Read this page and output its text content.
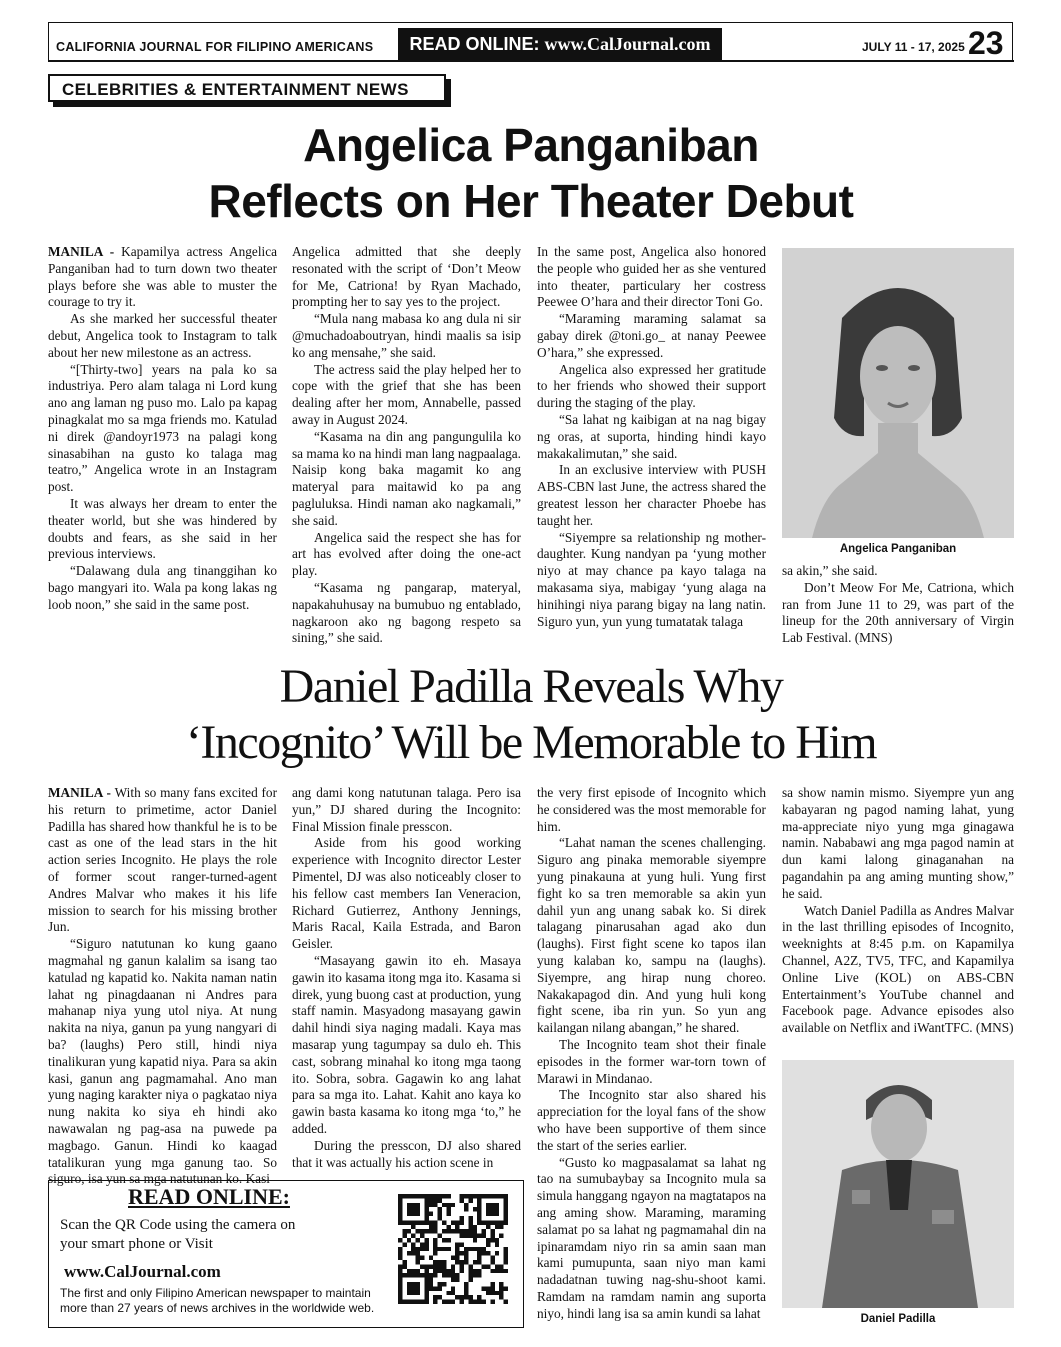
CALIFORNIA JOURNAL FOR FILIPINO AMERICANS	READ ONLINE: www.CalJournal.com	JULY 11 - 17, 2025 23
CELEBRITIES & ENTERTAINMENT NEWS
Angelica Panganiban
Reflects on Her Theater Debut

MANILA - Kapamilya actress Angelica Panganiban had to turn down two theater plays before she was able to muster the courage to try it.

As she marked her successful theater debut, Angelica took to Instagram to talk about her new milestone as an actress.

“[Thirty-two] years na pala ko sa industriya. Pero alam talaga ni Lord kung ano ang laman ng puso mo. Lalo pa kapag pinagkalat mo sa mga friends mo. Katulad ni direk @andoyr1973 na palagi kong sinasabihan na gusto ko talaga mag teatro,” Angelica wrote in an Instagram post.

It was always her dream to enter the theater world, but she was hindered by doubts and fears, as she said in her previous interviews.

“Dalawang dula ang tinanggihan ko bago mangyari ito. Wala pa kong lakas ng loob noon,” she said in the same post.

Angelica admitted that she deeply resonated with the script of ‘Don’t Meow for Me, Catriona! by Ryan Machado, prompting her to say yes to the project.

“Mula nang mabasa ko ang dula ni sir @muchadoaboutryan, hindi maalis sa isip ko ang mensahe,” she said.

The actress said the play helped her to cope with the grief that she has been dealing after her mom, Annabelle, passed away in August 2024.

“Kasama na din ang pangungulila ko sa mama ko na hindi man lang nagpaalaga. Naisip kong baka magamit ko ang materyal para maitawid ko pa ang pagluluksa. Hindi naman ako nagkamali,” she said.

Angelica said the respect she has for art has evolved after doing the one-act play.

“Kasama ng pangarap, materyal, napakahuhusay na bumubuo ng entablado, nagkaroon ako ng bagong respeto sa sining,” she said.

In the same post, Angelica also honored the people who guided her as she ventured into theater, particulary her costress Peewee O’hara and their director Toni Go.

“Maraming maraming salamat sa gabay direk @toni.go_ at nanay Peewee O’hara,” she expressed.

Angelica also expressed her gratitude to her friends who showed their support during the staging of the play.

“Sa lahat ng kaibigan at na nag bigay ng oras, at suporta, hinding hindi kayo makakalimutan,” she said.

In an exclusive interview with PUSH ABS-CBN last June, the actress shared the greatest lesson her character Phoebe has taught her.

“Siyempre sa relationship ng mother-daughter. Kung nandyan pa ‘yung mother niyo at may chance pa kayo talaga na makasama siya, mabigay ‘yung alaga na hinihingi niya parang bigay na lang natin. Siguro yun, yun yung tumatatak talaga

Angelica Panganiban

sa akin,” she said.

Don’t Meow For Me, Catriona, which ran from June 11 to 29, was part of the lineup for the 20th anniversary of Virgin Lab Festival. (MNS)

Daniel Padilla Reveals Why
‘Incognito’ Will be Memorable to Him

MANILA - With so many fans excited for his return to primetime, actor Daniel Padilla has shared how thankful he is to be cast as one of the lead stars in the hit action series Incognito. He plays the role of former scout ranger-turned-agent Andres Malvar who makes it his life mission to search for his missing brother Jun.

“Siguro natutunan ko kung gaano magmahal ng ganun kalalim sa isang tao katulad ng kapatid ko. Nakita naman natin lahat ng pinagdaanan ni Andres para mahanap niya yung utol niya. At nung nakita na niya, ganun pa yung nangyari di ba? (laughs) Pero still, hindi niya tinalikuran yung kapatid niya. Para sa akin kasi, ganun ang pagmamahal. Ano man yung naging karakter niya o pagkatao niya nung nakita ko siya eh hindi ako nawawalan ng pag-asa na puwede pa magbago. Ganun. Hindi ko kaagad tatalikuran yung mga ganung tao. So siguro, isa yun sa mga natutunan ko. Kasi

ang dami kong natutunan talaga. Pero isa yun,” DJ shared during the Incognito: Final Mission finale presscon.

Aside from his good working experience with Incognito director Lester Pimentel, DJ was also noticeably closer to his fellow cast members Ian Veneracion, Richard Gutierrez, Anthony Jennings, Maris Racal, Kaila Estrada, and Baron Geisler.

“Masayang gawin ito eh. Masaya gawin ito kasama itong mga ito. Kasama si direk, yung buong cast at production, yung staff namin. Masyadong masayang gawin dahil hindi siya naging madali. Kaya mas masarap yung tagumpay sa dulo eh. This cast, sobrang minahal ko itong mga taong ito. Sobra, sobra. Gagawin ko ang lahat para sa mga ito. Lahat. Kahit ano kaya ko gawin basta kasama ko itong mga ‘to,” he added.

During the presscon, DJ also shared that it was actually his action scene in

the very first episode of Incognito which he considered was the most memorable for him.

“Lahat naman the scenes challenging. Siguro ang pinaka memorable siyempre yung pinakauna at yung huli. Yung first fight ko sa tren memorable sa akin yun dahil yun ang unang sabak ko. Si direk talagang pinarusahan agad ako dun (laughs). First fight scene ko tapos ilan yung kalaban ko, sampu na (laughs). Siyempre, ang hirap nung choreo. Nakakapagod din. And yung huli kong fight scene, iba rin yun. So yun ang kailangan nilang abangan,” he shared.

The Incognito team shot their finale episodes in the former war-torn town of Marawi in Mindanao.

The Incognito star also shared his appreciation for the loyal fans of the show who have been supportive of them since the start of the series earlier.

“Gusto ko magpasalamat sa lahat ng tao na sumubaybay sa Incognito mula sa simula hanggang ngayon na magtatapos na ang aming show. Maraming, maraming salamat po sa lahat ng pagmamahal din na ipinaramdam niyo rin sa amin saan man kami pumupunta, saan niyo man kami nadadatnan tuwing nag-shu-shoot kami. Ramdam na ramdam namin ang suporta niyo, hindi lang isa sa amin kundi sa lahat

sa show namin mismo. Siyempre yun ang kabayaran ng pagod naming lahat, yung ma-appreciate niyo yung mga ginagawa namin. Nababawi ang mga pagod namin at dun kami lalong ginaganahan na pagandahin pa ang aming munting show,” he said.

Watch Daniel Padilla as Andres Malvar in the last thrilling episodes of Incognito, weeknights at 8:45 p.m. on Kapamilya Channel, A2Z, TV5, TFC, and Kapamilya Online Live (KOL) on ABS-CBN Entertainment’s YouTube channel and Facebook page. Advance episodes also available on Netflix and iWantTFC. (MNS)

Daniel Padilla
READ ONLINE:
Scan the QR Code using the camera on your smart phone or Visit
www.CalJournal.com
The first and only Filipino American newspaper to maintain more than 27 years of news archives in the worldwide web.
